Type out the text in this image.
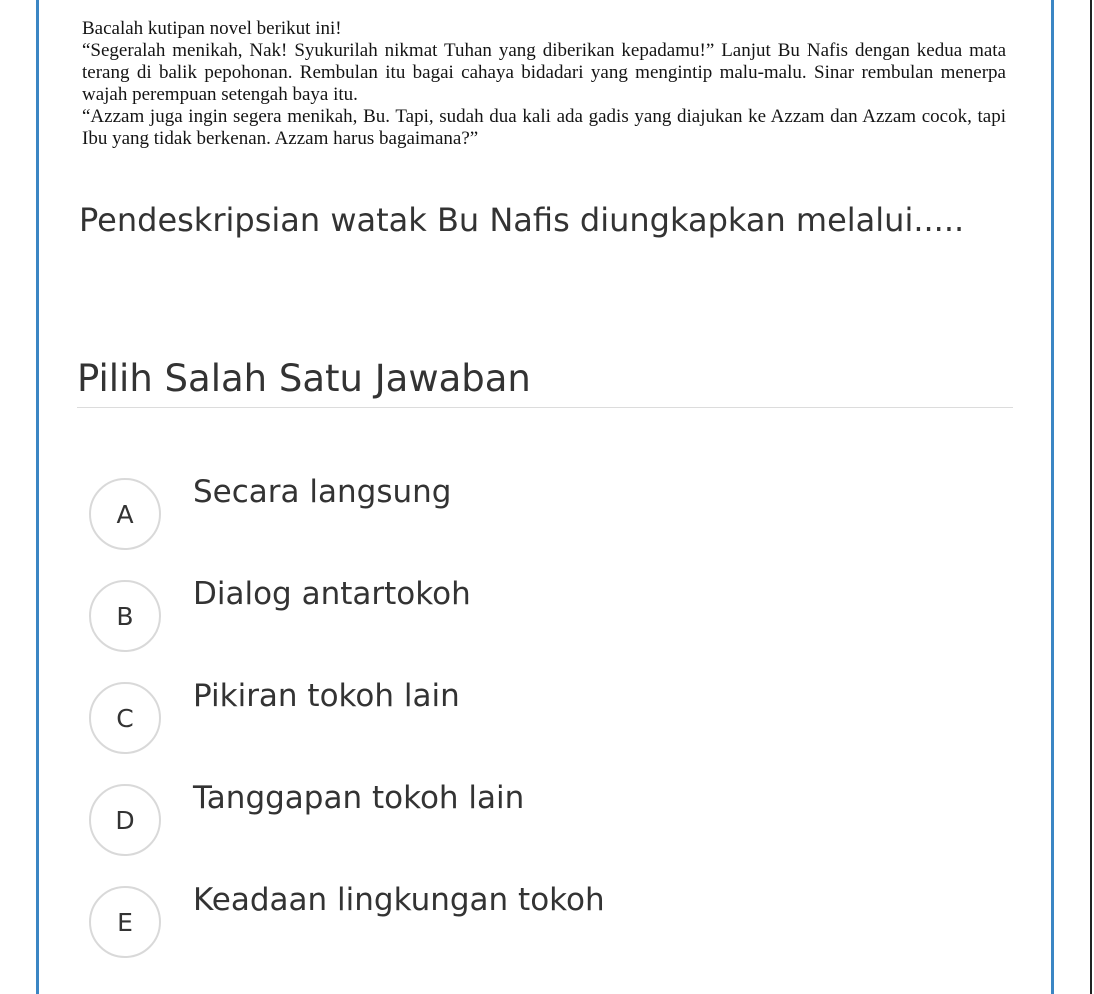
Bacalah kutipan novel berikut ini!
“Segeralah menikah, Nak! Syukurilah nikmat Tuhan yang diberikan kepadamu!” Lanjut Bu Nafis dengan kedua mata terang di balik pepohonan. Rembulan itu bagai cahaya bidadari yang mengintip malu-malu. Sinar rembulan menerpa wajah perempuan setengah baya itu.
“Azzam juga ingin segera menikah, Bu. Tapi, sudah dua kali ada gadis yang diajukan ke Azzam dan Azzam cocok, tapi Ibu yang tidak berkenan. Azzam harus bagaimana?”
Pendeskripsian watak Bu Nafis diungkapkan melalui.....
Pilih Salah Satu Jawaban
A
Secara langsung
B
Dialog antartokoh
C
Pikiran tokoh lain
D
Tanggapan tokoh lain
E
Keadaan lingkungan tokoh
